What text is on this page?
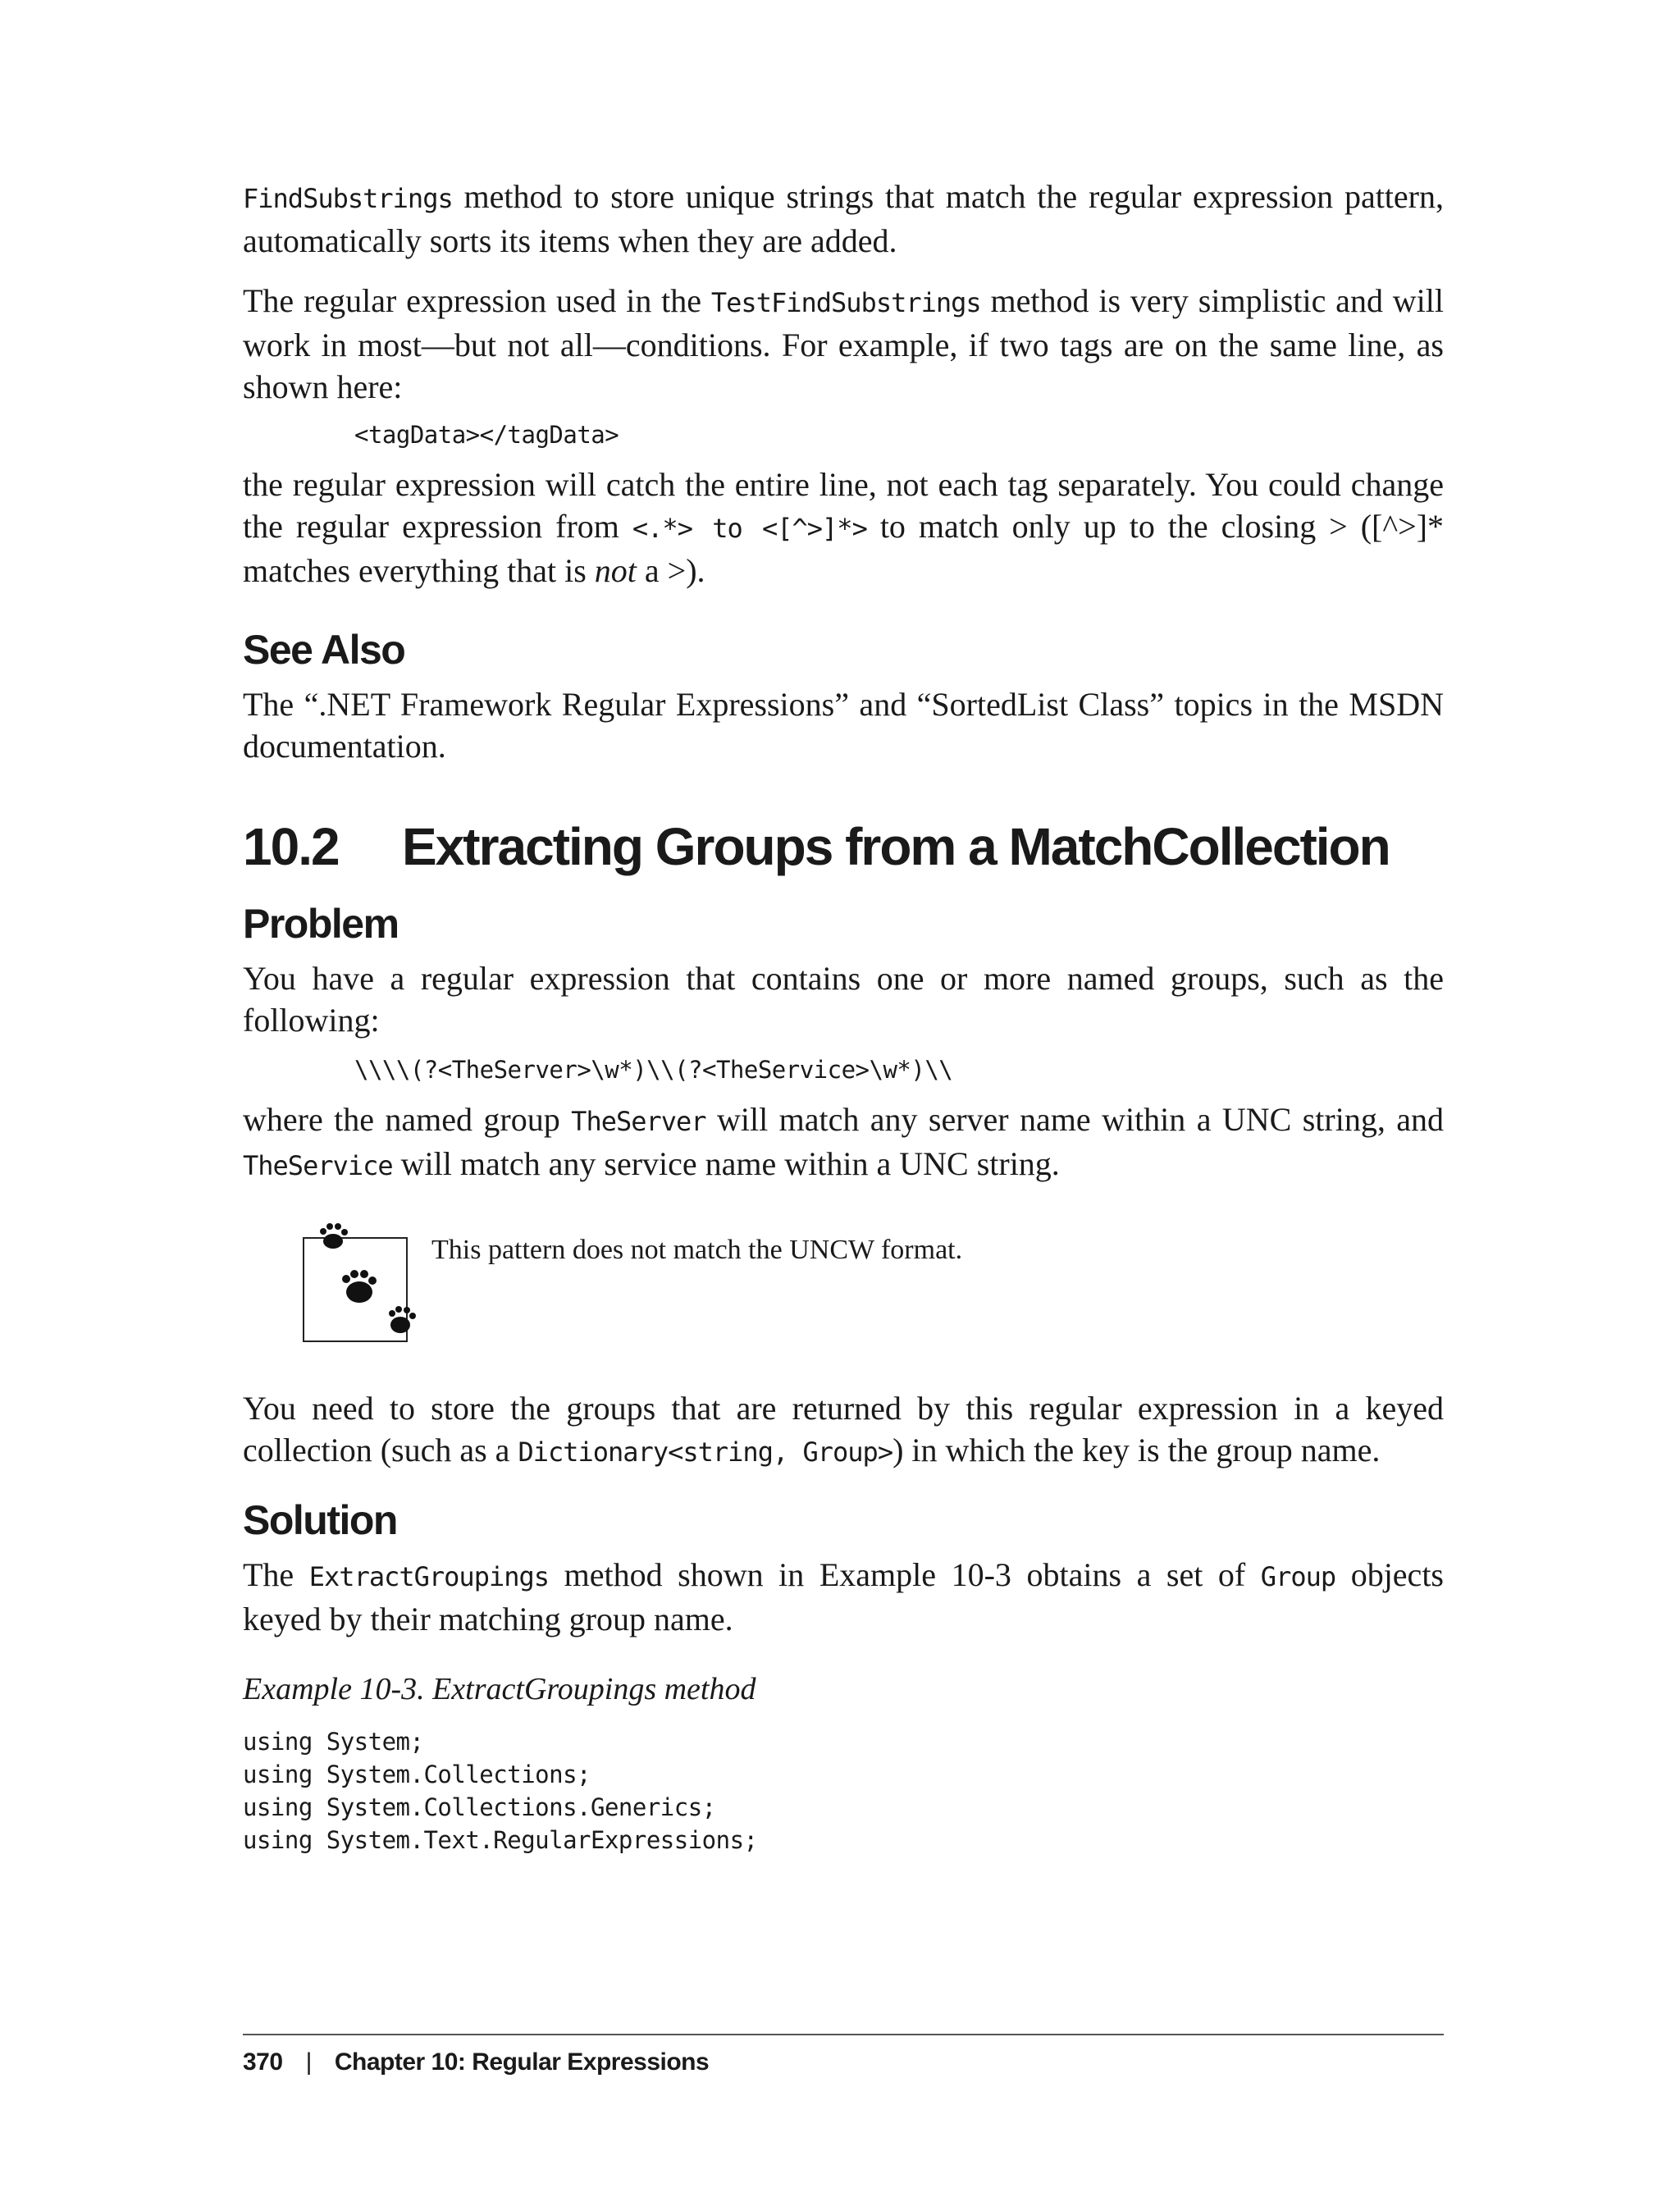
FindSubstrings method to store unique strings that match the regular expression pattern, automatically sorts its items when they are added.

The regular expression used in the TestFindSubstrings method is very simplistic and will work in most—but not all—conditions. For example, if two tags are on the same line, as shown here:

<tagData></tagData>

the regular expression will catch the entire line, not each tag separately. You could change the regular expression from <.*> to <[^>]*> to match only up to the closing > ([^>]* matches everything that is not a >).

See Also

The “.NET Framework Regular Expressions” and “SortedList Class” topics in the MSDN documentation.

10.2	Extracting Groups from a MatchCollection
Problem

You have a regular expression that contains one or more named groups, such as the following:

\\\\(?<TheServer>\w*)\\(?<TheService>\w*)\\

where the named group TheServer will match any server name within a UNC string, and TheService will match any service name within a UNC string.

This pattern does not match the UNCW format.

You need to store the groups that are returned by this regular expression in a keyed collection (such as a Dictionary<string, Group>) in which the key is the group name.

Solution

The ExtractGroupings method shown in Example 10-3 obtains a set of Group objects keyed by their matching group name.

Example 10-3. ExtractGroupings method

using System;
using System.Collections;
using System.Collections.Generics;
using System.Text.RegularExpressions;
370 | Chapter 10: Regular Expressions
